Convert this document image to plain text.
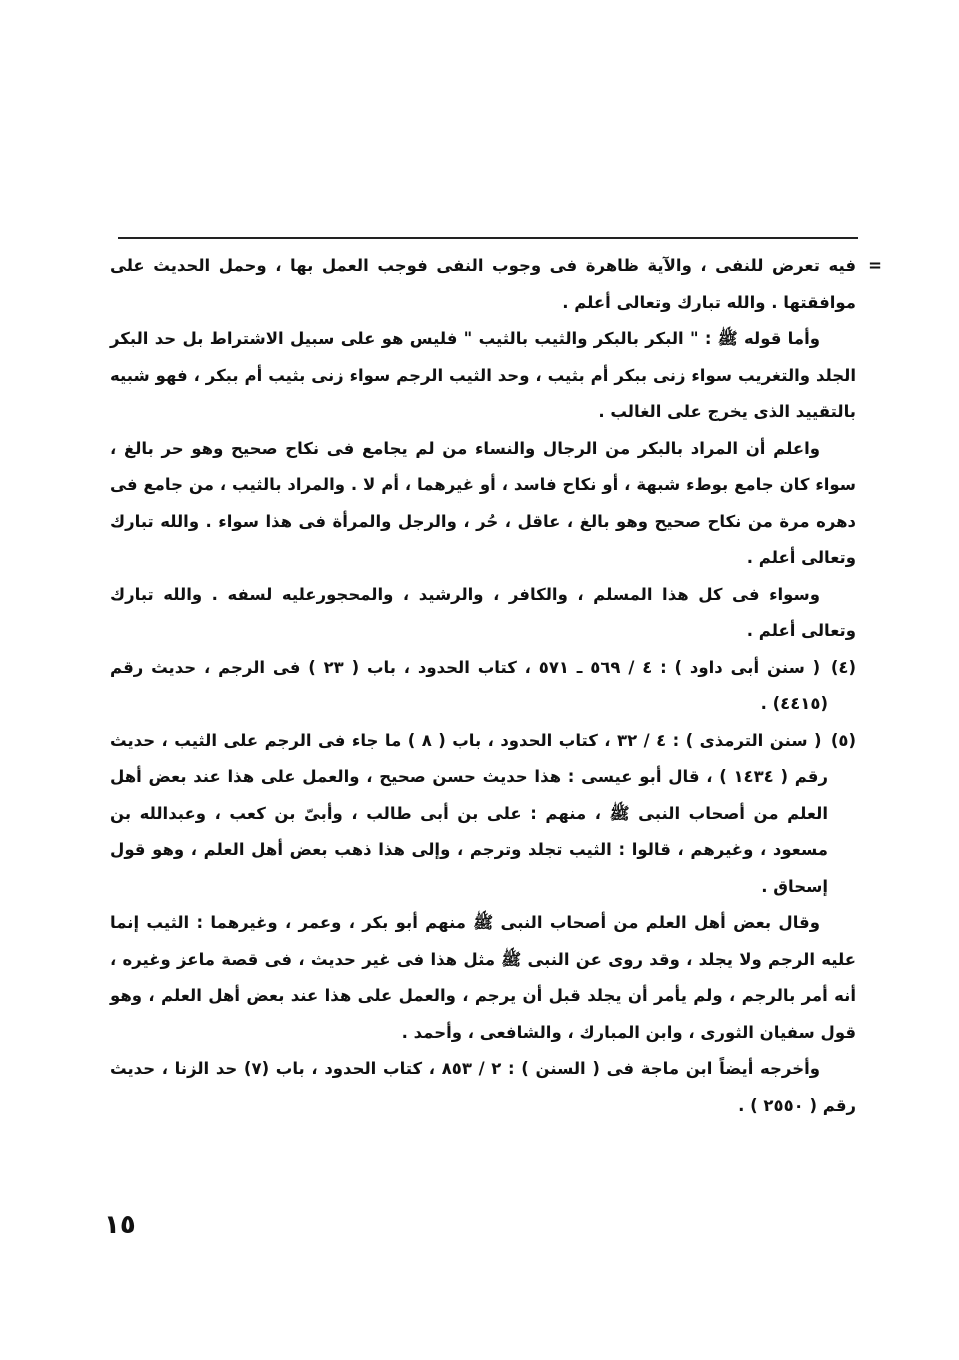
=فيه تعرض للنفى ، والآية ظاهرة فى وجوب النفى فوجب العمل بها ، وحمل الحديث على موافقتها . والله تبارك وتعالى أعلم .

وأما قوله ﷺ : " البكر بالبكر والثيب بالثيب " فليس هو على سبيل الاشتراط بل حد البكر الجلد والتغريب سواء زنى ببكر أم بثيب ، وحد الثيب الرجم سواء زنى بثيب أم ببكر ، فهو شبيه بالتقييد الذى يخرج على الغالب .

واعلم أن المراد بالبكر من الرجال والنساء من لم يجامع فى نكاح صحيح وهو حر بالغ ، سواء كان جامع بوطء شبهة ، أو نكاح فاسد ، أو غيرهما ، أم لا . والمراد بالثيب ، من جامع فى دهره مرة من نكاح صحيح وهو بالغ ، عاقل ، حُر ، والرجل والمرأة فى هذا سواء . والله تبارك وتعالى أعلم .

وسواء فى كل هذا المسلم ، والكافر ، والرشيد ، والمحجورعليه لسفه . والله تبارك وتعالى أعلم .

(٤) ( سنن أبى داود ) : ٤ / ٥٦٩ ـ ٥٧١ ، كتاب الحدود ، باب ( ٢٣ ) فى الرجم ، حديث رقم (٤٤١٥) .

(٥) ( سنن الترمذى ) : ٤ / ٣٢ ، كتاب الحدود ، باب ( ٨ ) ما جاء فى الرجم على الثيب ، حديث رقم ( ١٤٣٤ ) ، قال أبو عيسى : هذا حديث حسن صحيح ، والعمل على هذا عند بعض أهل العلم من أصحاب النبى ﷺ ، منهم : على بن أبى طالب ، وأبىّ بن كعب ، وعبدالله بن مسعود ، وغيرهم ، قالوا : الثيب تجلد وترجم ، وإلى هذا ذهب بعض أهل العلم ، وهو قول إسحاق .

وقال بعض أهل العلم من أصحاب النبى ﷺ منهم أبو بكر ، وعمر ، وغيرهما : الثيب إنما عليه الرجم ولا يجلد ، وقد روى عن النبى ﷺ مثل هذا فى غير حديث ، فى قصة ماعز وغيره ، أنه أمر بالرجم ، ولم يأمر أن يجلد قبل أن يرجم ، والعمل على هذا عند بعض أهل العلم ، وهو قول سفيان الثورى ، وابن المبارك ، والشافعى ، وأحمد .

وأخرجه أيضاً ابن ماجة فى ( السنن ) : ٢ / ٨٥٣ ، كتاب الحدود ، باب (٧) حد الزنا ، حديث رقم ( ٢٥٥٠ ) .

١٥
